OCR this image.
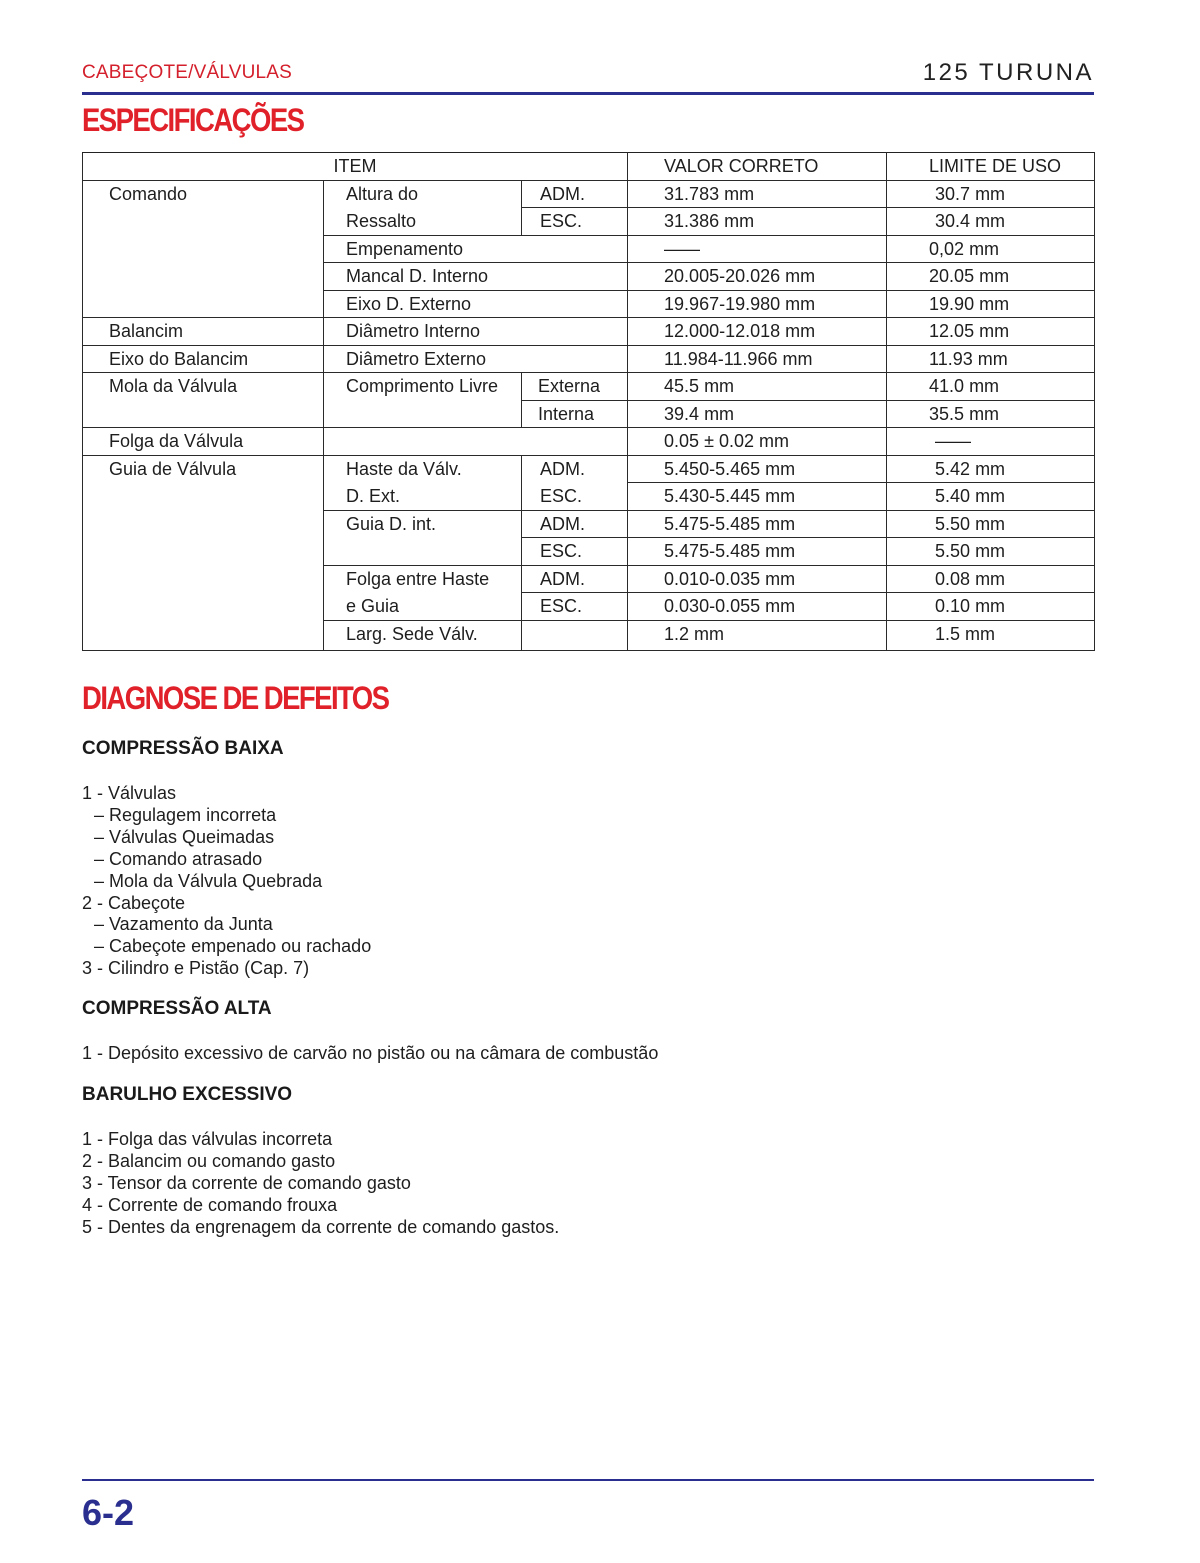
CABEÇOTE/VÁLVULAS	125 TURUNA
ESPECIFICAÇÕES
ITEM			VALOR CORRETO	LIMITE DE USO
Comando	Altura do	ADM.	31.783 mm	30.7 mm
	Ressalto	ESC.	31.386 mm	30.4 mm
	Empenamento		——	0,02 mm
	Mancal D. Interno		20.005-20.026 mm	20.05 mm
	Eixo D. Externo		19.967-19.980 mm	19.90 mm
Balancim	Diâmetro Interno		12.000-12.018 mm	12.05 mm
Eixo do Balancim	Diâmetro Externo		11.984-11.966 mm	11.93 mm
Mola da Válvula	Comprimento Livre	Externa	45.5 mm	41.0 mm
		Interna	39.4 mm	35.5 mm
Folga da Válvula			0.05 ± 0.02 mm	——
Guia de Válvula	Haste da Válv.	ADM.	5.450-5.465 mm	5.42 mm
	D. Ext.	ESC.	5.430-5.445 mm	5.40 mm
	Guia D. int.	ADM.	5.475-5.485 mm	5.50 mm
		ESC.	5.475-5.485 mm	5.50 mm
	Folga entre Haste	ADM.	0.010-0.035 mm	0.08 mm
	e Guia	ESC.	0.030-0.055 mm	0.10 mm
	Larg. Sede Válv.		1.2 mm	1.5 mm
DIAGNOSE DE DEFEITOS
COMPRESSÃO BAIXA
1 - Válvulas
– Regulagem incorreta
– Válvulas Queimadas
– Comando atrasado
– Mola da Válvula Quebrada
2 - Cabeçote
– Vazamento da Junta
– Cabeçote empenado ou rachado
3 - Cilindro e Pistão (Cap. 7)
COMPRESSÃO ALTA
1 - Depósito excessivo de carvão no pistão ou na câmara de combustão
BARULHO EXCESSIVO
1 - Folga das válvulas incorreta
2 - Balancim ou comando gasto
3 - Tensor da corrente de comando gasto
4 - Corrente de comando frouxa
5 - Dentes da engrenagem da corrente de comando gastos.
6-2
